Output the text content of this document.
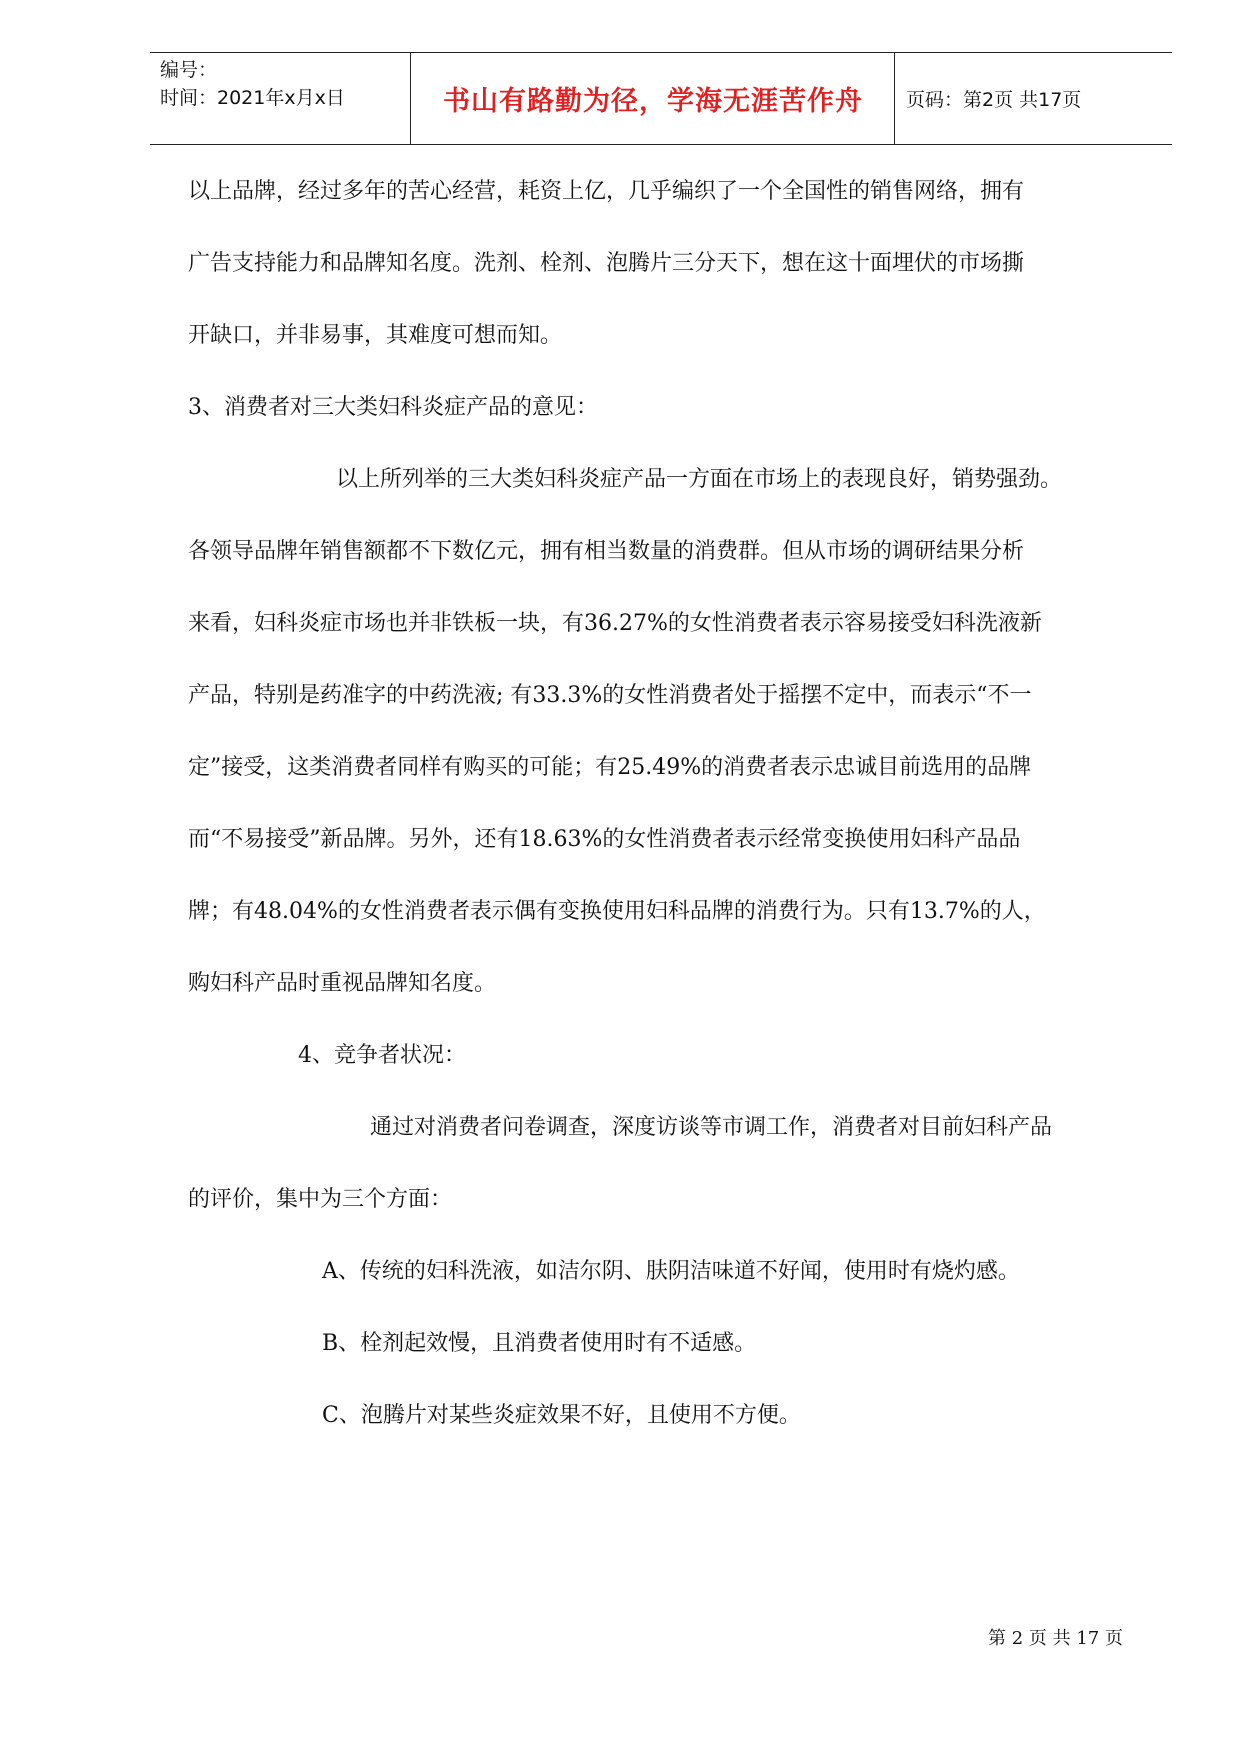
编号：
时间：2021年x月x日	书山有路勤为径，学海无涯苦作舟	页码：第2页 共17页
以上品牌，经过多年的苦心经营，耗资上亿，几乎编织了一个全国性的销售网络，拥有
广告支持能力和品牌知名度。洗剂、栓剂、泡腾片三分天下，想在这十面埋伏的市场撕
开缺口，并非易事，其难度可想而知。
3、消费者对三大类妇科炎症产品的意见：
以上所列举的三大类妇科炎症产品一方面在市场上的表现良好，销势强劲。
各领导品牌年销售额都不下数亿元，拥有相当数量的消费群。但从市场的调研结果分析
来看，妇科炎症市场也并非铁板一块，有36.27%的女性消费者表示容易接受妇科洗液新
产品，特别是药准字的中药洗液; 有33.3%的女性消费者处于摇摆不定中，而表示“不一
定”接受，这类消费者同样有购买的可能；有25.49%的消费者表示忠诚目前选用的品牌
而“不易接受”新品牌。另外，还有18.63%的女性消费者表示经常变换使用妇科产品品
牌；有48.04%的女性消费者表示偶有变换使用妇科品牌的消费行为。只有13.7%的人，
购妇科产品时重视品牌知名度。
4、竞争者状况：
通过对消费者问卷调查，深度访谈等市调工作，消费者对目前妇科产品
的评价，集中为三个方面：
A、传统的妇科洗液，如洁尔阴、肤阴洁味道不好闻，使用时有烧灼感。
B、栓剂起效慢，且消费者使用时有不适感。
C、泡腾片对某些炎症效果不好，且使用不方便。
第 2 页 共 17 页
